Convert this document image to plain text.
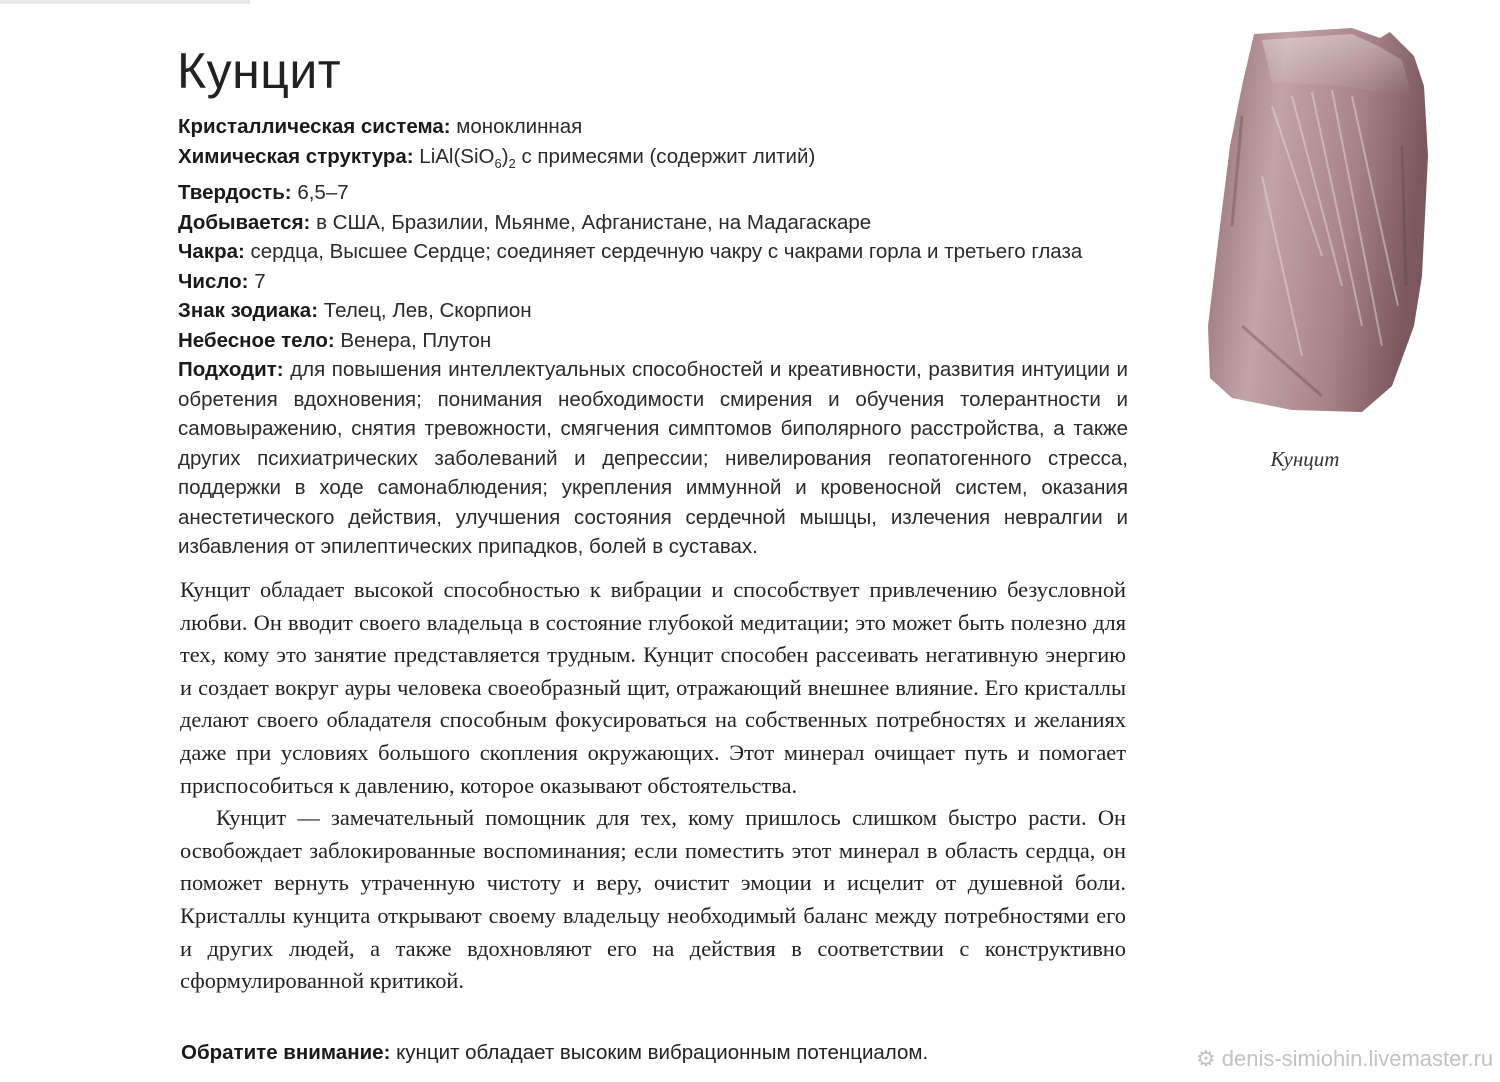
Кунцит
Кристаллическая система: моноклинная
Химическая структура: $LiAl(SiO_6)_2$ с примесями (содержит литий)
Твердость: 6,5–7
Добывается: в США, Бразилии, Мьянме, Афганистане, на Мадагаскаре
Чакра: сердца, Высшее Сердце; соединяет сердечную чакру с чакрами горла и третьего глаза
Число: 7
Знак зодиака: Телец, Лев, Скорпион
Небесное тело: Венера, Плутон
Подходит: для повышения интеллектуальных способностей и креативности, развития интуиции и обретения вдохновения; понимания необходимости смирения и обучения толерантности и самовыражению, снятия тревожности, смягчения симптомов биполярного расстройства, а также других психиатрических заболеваний и депрессии; нивелирования геопатогенного стресса, поддержки в ходе самонаблюдения; укрепления иммунной и кровеносной систем, оказания анестетического действия, улучшения состояния сердечной мышцы, излечения невралгии и избавления от эпилептических припадков, болей в суставах.

Кунцит обладает высокой способностью к вибрации и способствует привлечению безусловной любви. Он вводит своего владельца в состояние глубокой медитации; это может быть полезно для тех, кому это занятие представляется трудным. Кунцит способен рассеивать негативную энергию и создает вокруг ауры человека своеобразный щит, отражающий внешнее влияние. Его кристаллы делают своего обладателя способным фокусироваться на собственных потребностях и желаниях даже при условиях большого скопления окружающих. Этот минерал очищает путь и помогает приспособиться к давлению, которое оказывают обстоятельства.

Кунцит — замечательный помощник для тех, кому пришлось слишком быстро расти. Он освобождает заблокированные воспоминания; если поместить этот минерал в область сердца, он поможет вернуть утраченную чистоту и веру, очистит эмоции и исцелит от душевной боли. Кристаллы кунцита открывают своему владельцу необходимый баланс между потребностями его и других людей, а также вдохновляют его на действия в соответствии с конструктивно сформулированной критикой.

Обратите внимание: кунцит обладает высоким вибрационным потенциалом.
Кунцит
⚙ denis-simiohin.livemaster.ru
